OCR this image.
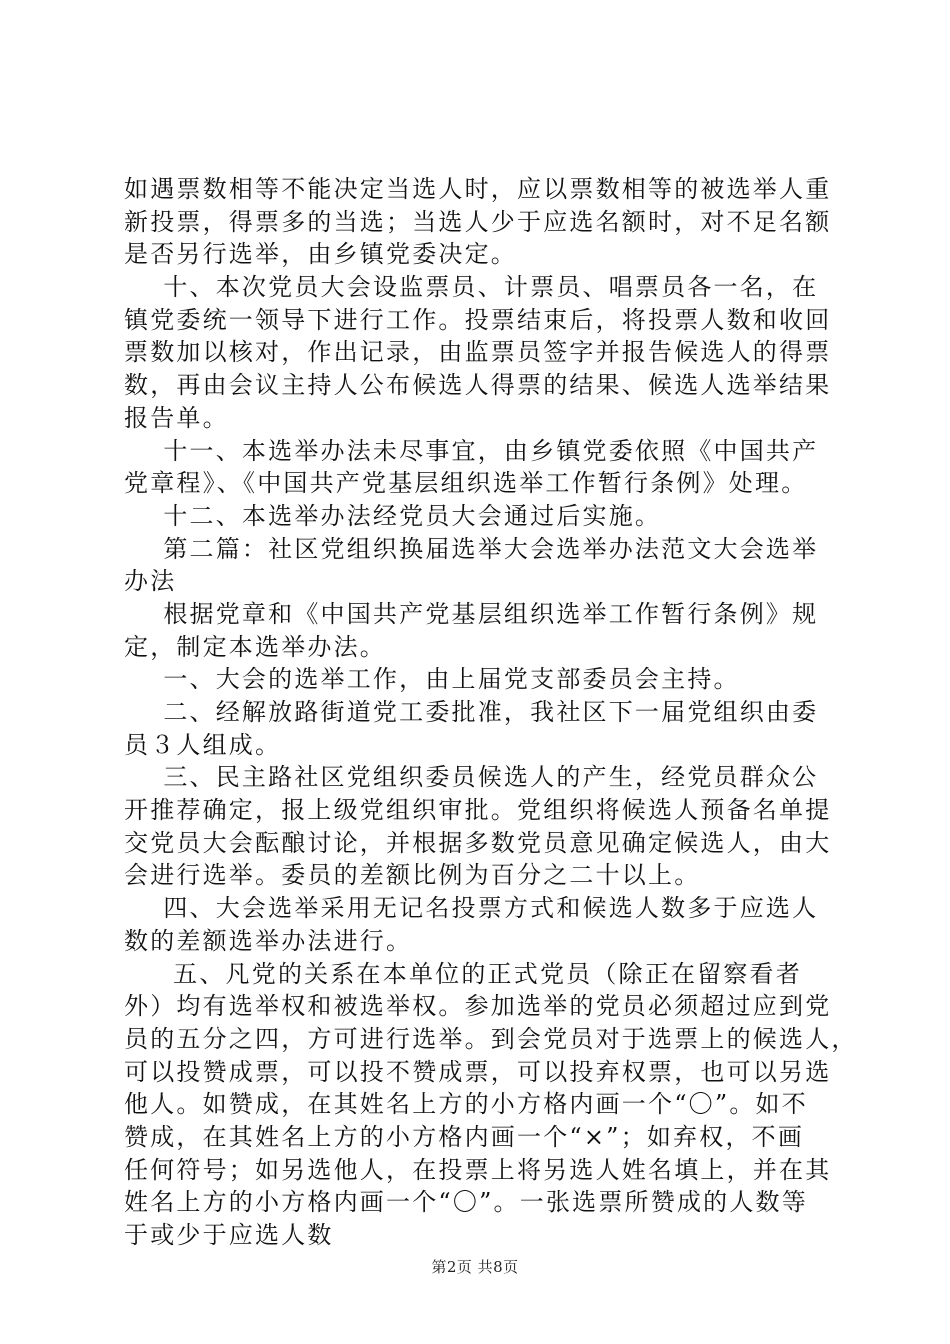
如遇票数相等不能决定当选人时，应以票数相等的被选举人重
新投票，得票多的当选；当选人少于应选名额时，对不足名额
是否另行选举，由乡镇党委决定。
十、本次党员大会设监票员、计票员、唱票员各一名，在
镇党委统一领导下进行工作。投票结束后，将投票人数和收回
票数加以核对，作出记录，由监票员签字并报告候选人的得票
数，再由会议主持人公布候选人得票的结果、候选人选举结果
报告单。
十一、本选举办法未尽事宜，由乡镇党委依照《中国共产
党章程》、《中国共产党基层组织选举工作暂行条例》处理。
十二、本选举办法经党员大会通过后实施。
第二篇：社区党组织换届选举大会选举办法范文大会选举
办法
根据党章和《中国共产党基层组织选举工作暂行条例》规
定，制定本选举办法。
一、大会的选举工作，由上届党支部委员会主持。
二、经解放路街道党工委批准，我社区下一届党组织由委
员３人组成。
三、民主路社区党组织委员候选人的产生，经党员群众公
开推荐确定，报上级党组织审批。党组织将候选人预备名单提
交党员大会酝酿讨论，并根据多数党员意见确定候选人，由大
会进行选举。委员的差额比例为百分之二十以上。
四、大会选举采用无记名投票方式和候选人数多于应选人
数的差额选举办法进行。
五、凡党的关系在本单位的正式党员（除正在留察看者
外）均有选举权和被选举权。参加选举的党员必须超过应到党
员的五分之四，方可进行选举。到会党员对于选票上的候选人，
可以投赞成票，可以投不赞成票，可以投弃权票，也可以另选
他人。如赞成，在其姓名上方的小方格内画一个“〇”。如不
赞成，在其姓名上方的小方格内画一个“×”；如弃权，不画
任何符号；如另选他人，在投票上将另选人姓名填上，并在其
姓名上方的小方格内画一个“〇”。一张选票所赞成的人数等
于或少于应选人数
第2页 共8页
